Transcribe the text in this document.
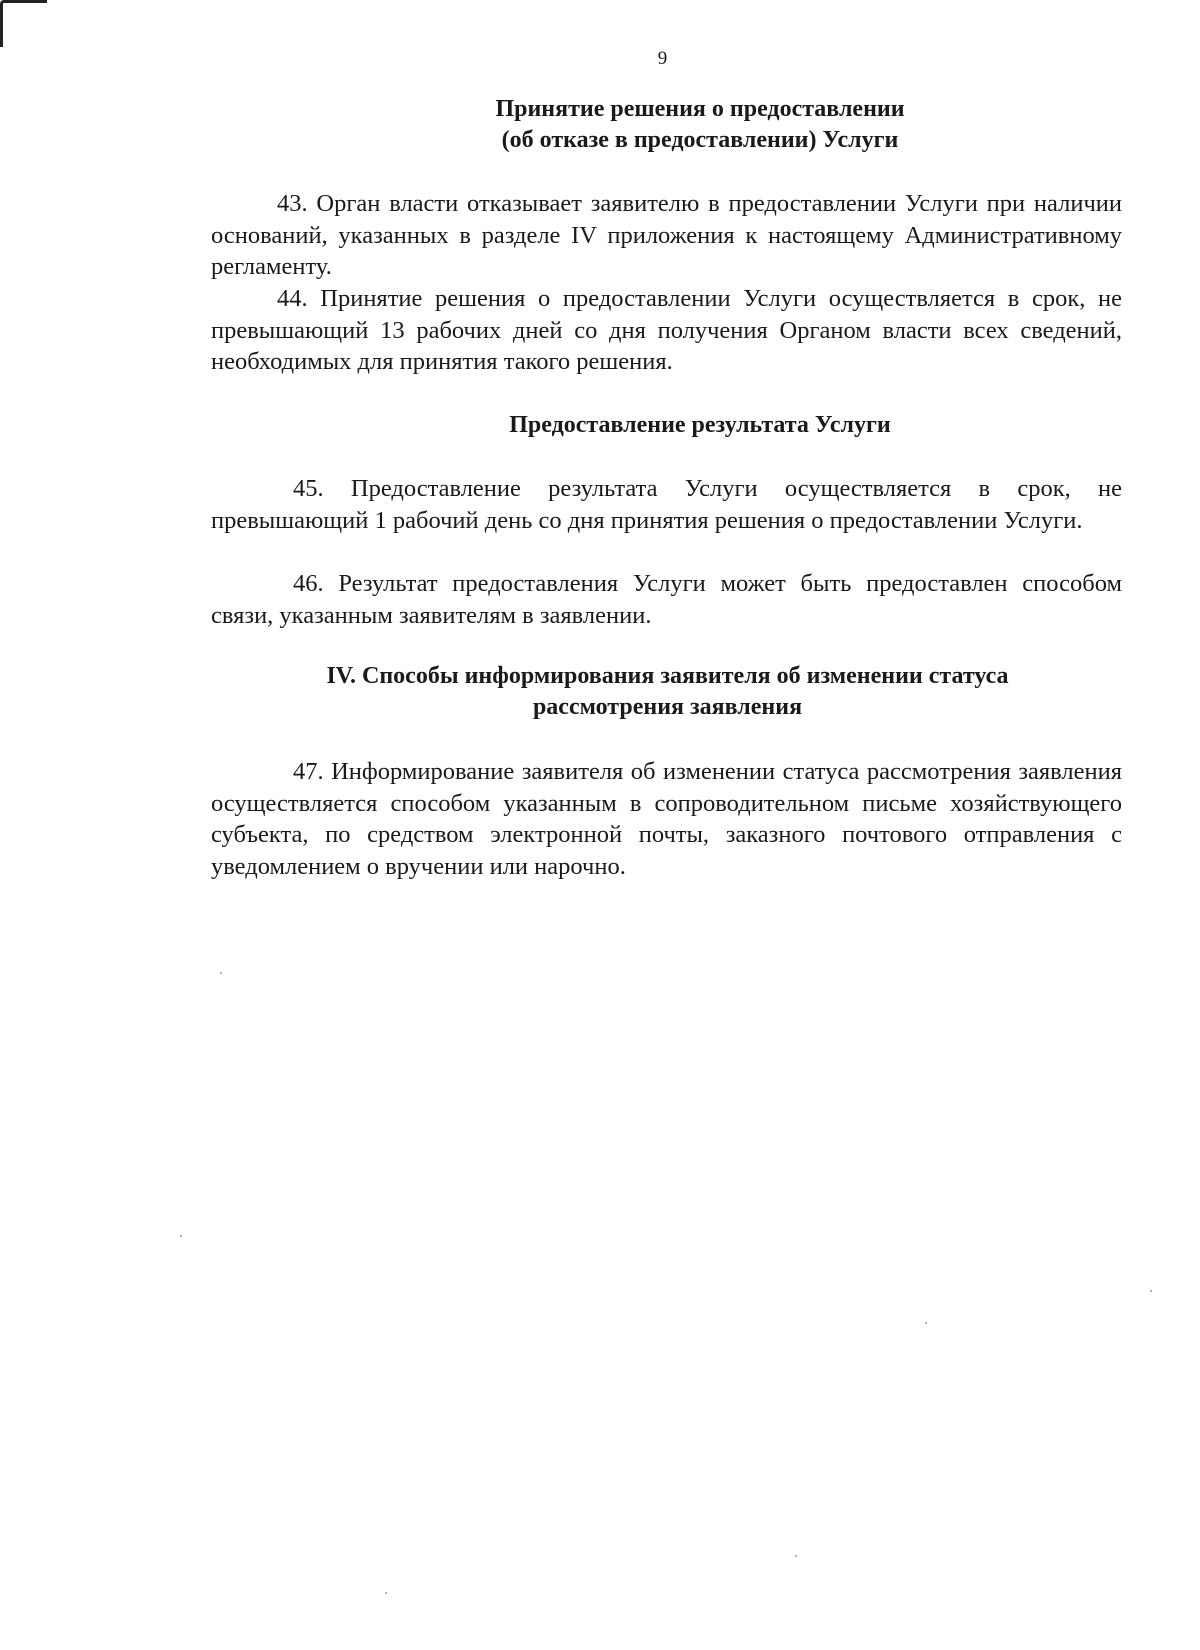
9
Принятие решения о предоставлении
(об отказе в предоставлении) Услуги

43. Орган власти отказывает заявителю в предоставлении Услуги при наличии оснований, указанных в разделе IV приложения к настоящему Административному регламенту.

44. Принятие решения о предоставлении Услуги осуществляется в срок, не превышающий 13 рабочих дней со дня получения Органом власти всех сведений, необходимых для принятия такого решения.

Предоставление результата Услуги

45. Предоставление результата Услуги осуществляется в срок, не превышающий 1 рабочий день со дня принятия решения о предоставлении Услуги.

46. Результат предоставления Услуги может быть предоставлен способом связи, указанным заявителям в заявлении.

IV. Способы информирования заявителя об изменении статуса
рассмотрения заявления

47. Информирование заявителя об изменении статуса рассмотрения заявления осуществляется способом указанным в сопроводительном письме хозяйствующего субъекта, по средством электронной почты, заказного почтового отправления с уведомлением о вручении или нарочно.
